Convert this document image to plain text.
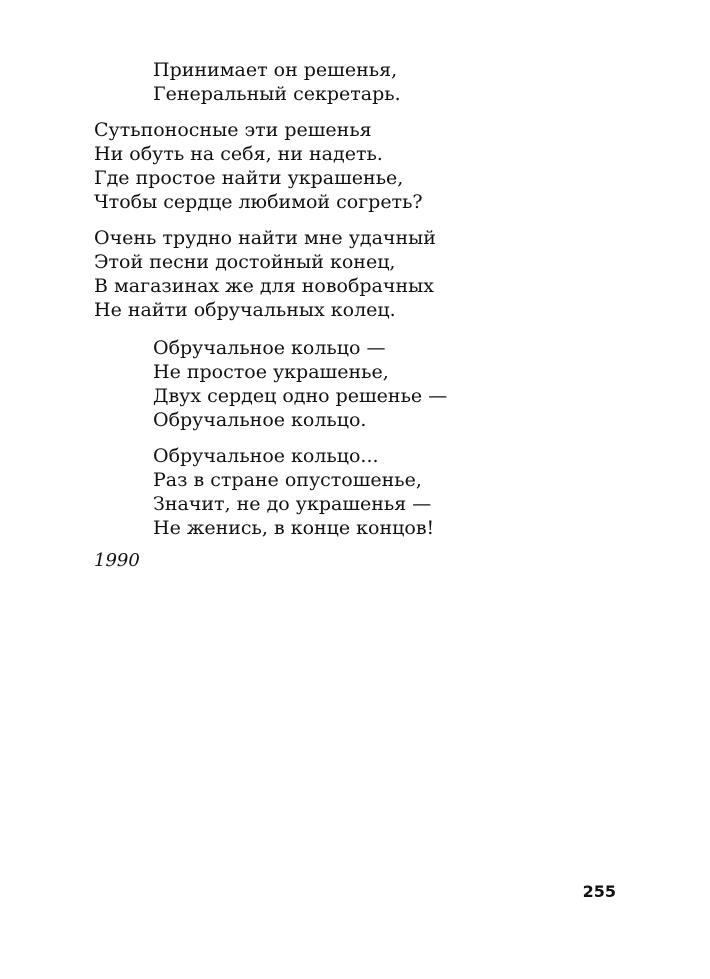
Принимает он решенья,
Генеральный секретарь.
Сутьпоносные эти решенья
Ни обуть на себя, ни надеть.
Где простое найти украшенье,
Чтобы сердце любимой согреть?
Очень трудно найти мне удачный
Этой песни достойный конец,
В магазинах же для новобрачных
Не найти обручальных колец.
Обручальное кольцо —
Не простое украшенье,
Двух сердец одно решенье —
Обручальное кольцо.
Обручальное кольцо...
Раз в стране опустошенье,
Значит, не до украшенья —
Не женись, в конце концов!
1990
255
